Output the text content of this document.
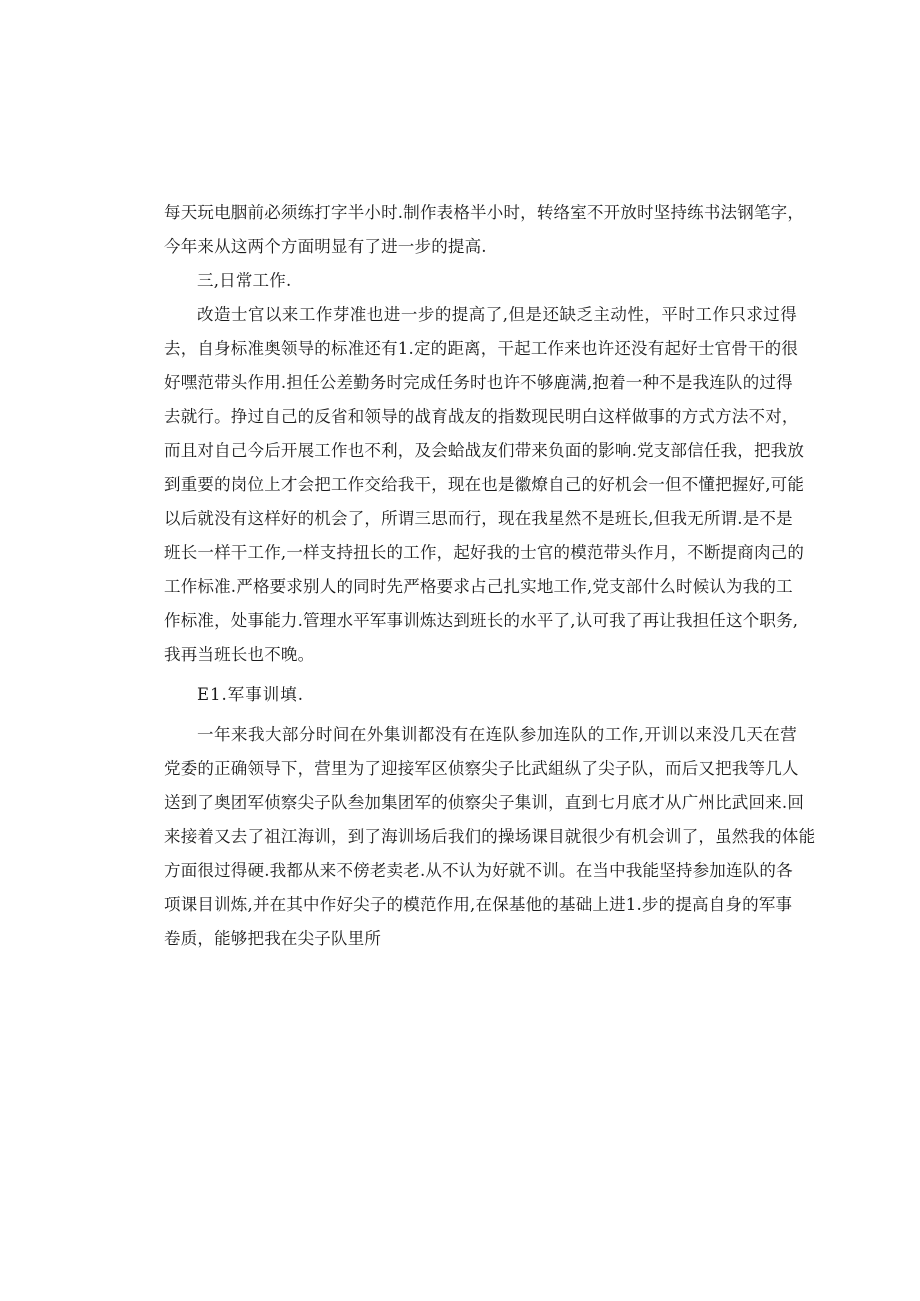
每天玩电胭前必须练打字半小时.制作表格半小时，转络室不开放时坚持练书法钢笔字，
今年来从这两个方面明显有了进一步的提高.
三,日常工作.
改造士官以来工作芽准也进一步的提高了,但是还缺乏主动性，平时工作只求过得
去，自身标准奥领导的标准还有1.定的距离，干起工作来也许还没有起好士官骨干的很
好嘿范带头作用.担任公差勤务时完成任务时也许不够鹿满,抱着一种不是我连队的过得
去就行。挣过自己的反省和领导的战育战友的指数现民明白这样做事的方式方法不对，
而且对自己今后开展工作也不利，及会蛤战友们带来负面的影响.党支部信任我，把我放
到重要的岗位上才会把工作交给我干，现在也是徽燎自己的好机会一但不懂把握好,可能
以后就没有这样好的机会了，所谓三思而行，现在我星然不是班长,但我无所谓.是不是
班长一样干工作,一样支持扭长的工作，起好我的士官的模范带头作月，不断提商肉己的
工作标准.严格要求别人的同时先严格要求占己扎实地工作,党支部什么时候认为我的工
作标准，处事能力.管理水平军事训炼达到班长的水平了,认可我了再让我担任这个职务,
我再当班长也不晚。
E1.军事训填.
一年来我大部分时间在外集训都没有在连队参加连队的工作,开训以来没几天在营
党委的正确领导下，营里为了迎接军区侦察尖子比武組纵了尖子队，而后又把我等几人
送到了奥团军侦察尖子队叁加集团军的侦察尖子集训，直到七月底才从广州比武回来.回
来接着又去了祖江海训，到了海训场后我们的操场课目就很少有机会训了，虽然我的体能
方面很过得硬.我都从来不傍老卖老.从不认为好就不训。在当中我能坚持参加连队的各
项课目训炼,并在其中作好尖子的模范作用,在保基他的基础上进1.步的提高自身的军事
卷质，能够把我在尖子队里所
